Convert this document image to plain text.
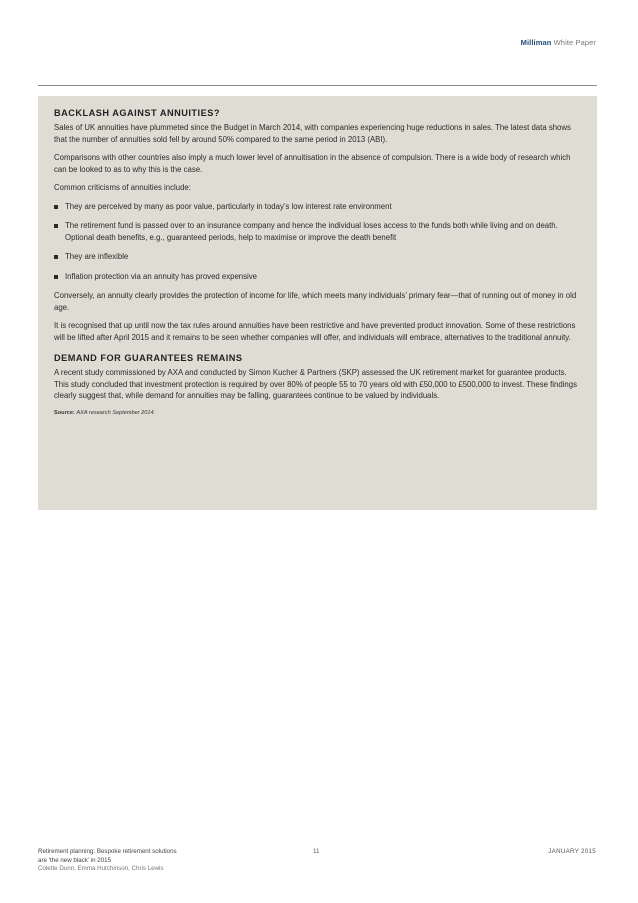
Milliman White Paper
BACKLASH AGAINST ANNUITIES?

Sales of UK annuities have plummeted since the Budget in March 2014, with companies experiencing huge reductions in sales. The latest data shows that the number of annuities sold fell by around 50% compared to the same period in 2013 (ABI).

Comparisons with other countries also imply a much lower level of annuitisation in the absence of compulsion. There is a wide body of research which can be looked to as to why this is the case.

Common criticisms of annuities include:

They are perceived by many as poor value, particularly in today’s low interest rate environment
The retirement fund is passed over to an insurance company and hence the individual loses access to the funds both while living and on death. Optional death benefits, e.g., guaranteed periods, help to maximise or improve the death benefit
They are inflexible
Inflation protection via an annuity has proved expensive

Conversely, an annuity clearly provides the protection of income for life, which meets many individuals’ primary fear—that of running out of money in old age.

It is recognised that up until now the tax rules around annuities have been restrictive and have prevented product innovation. Some of these restrictions will be lifted after April 2015 and it remains to be seen whether companies will offer, and individuals will embrace, alternatives to the traditional annuity.

DEMAND FOR GUARANTEES REMAINS

A recent study commissioned by AXA and conducted by Simon Kucher & Partners (SKP) assessed the UK retirement market for guarantee products. This study concluded that investment protection is required by over 80% of people 55 to 70 years old with £50,000 to £500,000 to invest. These findings clearly suggest that, while demand for annuities may be falling, guarantees continue to be valued by individuals.

Source: AXA research September 2014.
Retirement planning: Bespoke retirement solutions
are ‘the new black’ in 2015
Colette Dunn, Emma Hutchinson, Chris Lewis
11	JANUARY 2015
